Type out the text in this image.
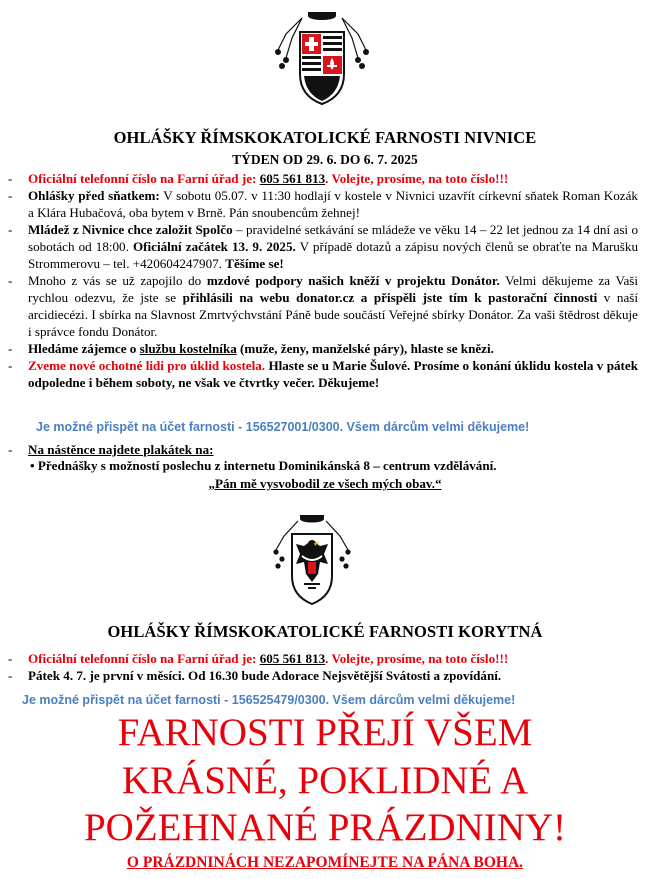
OHLÁŠKY ŘÍMSKOKATOLICKÉ FARNOSTI NIVNICE
TÝDEN OD 29. 6. DO 6. 7. 2025
- Oficiální telefonní číslo na Farní úřad je: 605 561 813. Volejte, prosíme, na toto číslo!!!
- Ohlášky před sňatkem: V sobotu 05.07. v 11:30 hodlají v kostele v Nivnici uzavřít církevní sňatek Roman Kozák a Klára Hubačová, oba bytem v Brně. Pán snoubencům žehnej!
- Mládež z Nivnice chce založit Spolčo – pravidelné setkávání se mládeže ve věku 14 – 22 let jednou za 14 dní asi o sobotách od 18:00. Oficiální začátek 13. 9. 2025. V případě dotazů a zápisu nových členů se obraťte na Marušku Strommerovu – tel. +420604247907. Těšíme se!
- Mnoho z vás se už zapojilo do mzdové podpory našich kněží v projektu Donátor. Velmi děkujeme za Vaši rychlou odezvu, že jste se přihlásili na webu donator.cz a přispěli jste tím k pastorační činnosti v naší arcidiecézi. I sbírka na Slavnost Zmrtvýchvstání Páně bude součástí Veřejné sbírky Donátor. Za vaši štědrost děkuje i správce fondu Donátor.
- Hledáme zájemce o službu kostelníka (muže, ženy, manželské páry), hlaste se knězi.
- Zveme nové ochotné lidi pro úklid kostela. Hlaste se u Marie Šulové. Prosíme o konání úklidu kostela v pátek odpoledne i během soboty, ne však ve čtvrtky večer. Děkujeme!
Je možné přispět na účet farnosti - 156527001/0300. Všem dárcům velmi děkujeme!
- Na nástěnce najdete plakátek na:
• Přednášky s možností poslechu z internetu Dominikánská 8 – centrum vzdělávání.
„Pán mě vysvobodil ze všech mých obav.“
OHLÁŠKY ŘÍMSKOKATOLICKÉ FARNOSTI KORYTNÁ
- Oficiální telefonní číslo na Farní úřad je: 605 561 813. Volejte, prosíme, na toto číslo!!!
- Pátek 4. 7. je první v měsíci. Od 16.30 bude Adorace Nejsvětější Svátosti a zpovídání.
Je možné přispět na účet farnosti - 156525479/0300. Všem dárcům velmi děkujeme!
FARNOSTI PŘEJÍ VŠEM
KRÁSNÉ, POKLIDNÉ A
POŽEHNANÉ PRÁZDNINY!
O PRÁZDNINÁCH NEZAPOMÍNEJTE NA PÁNA BOHA.
